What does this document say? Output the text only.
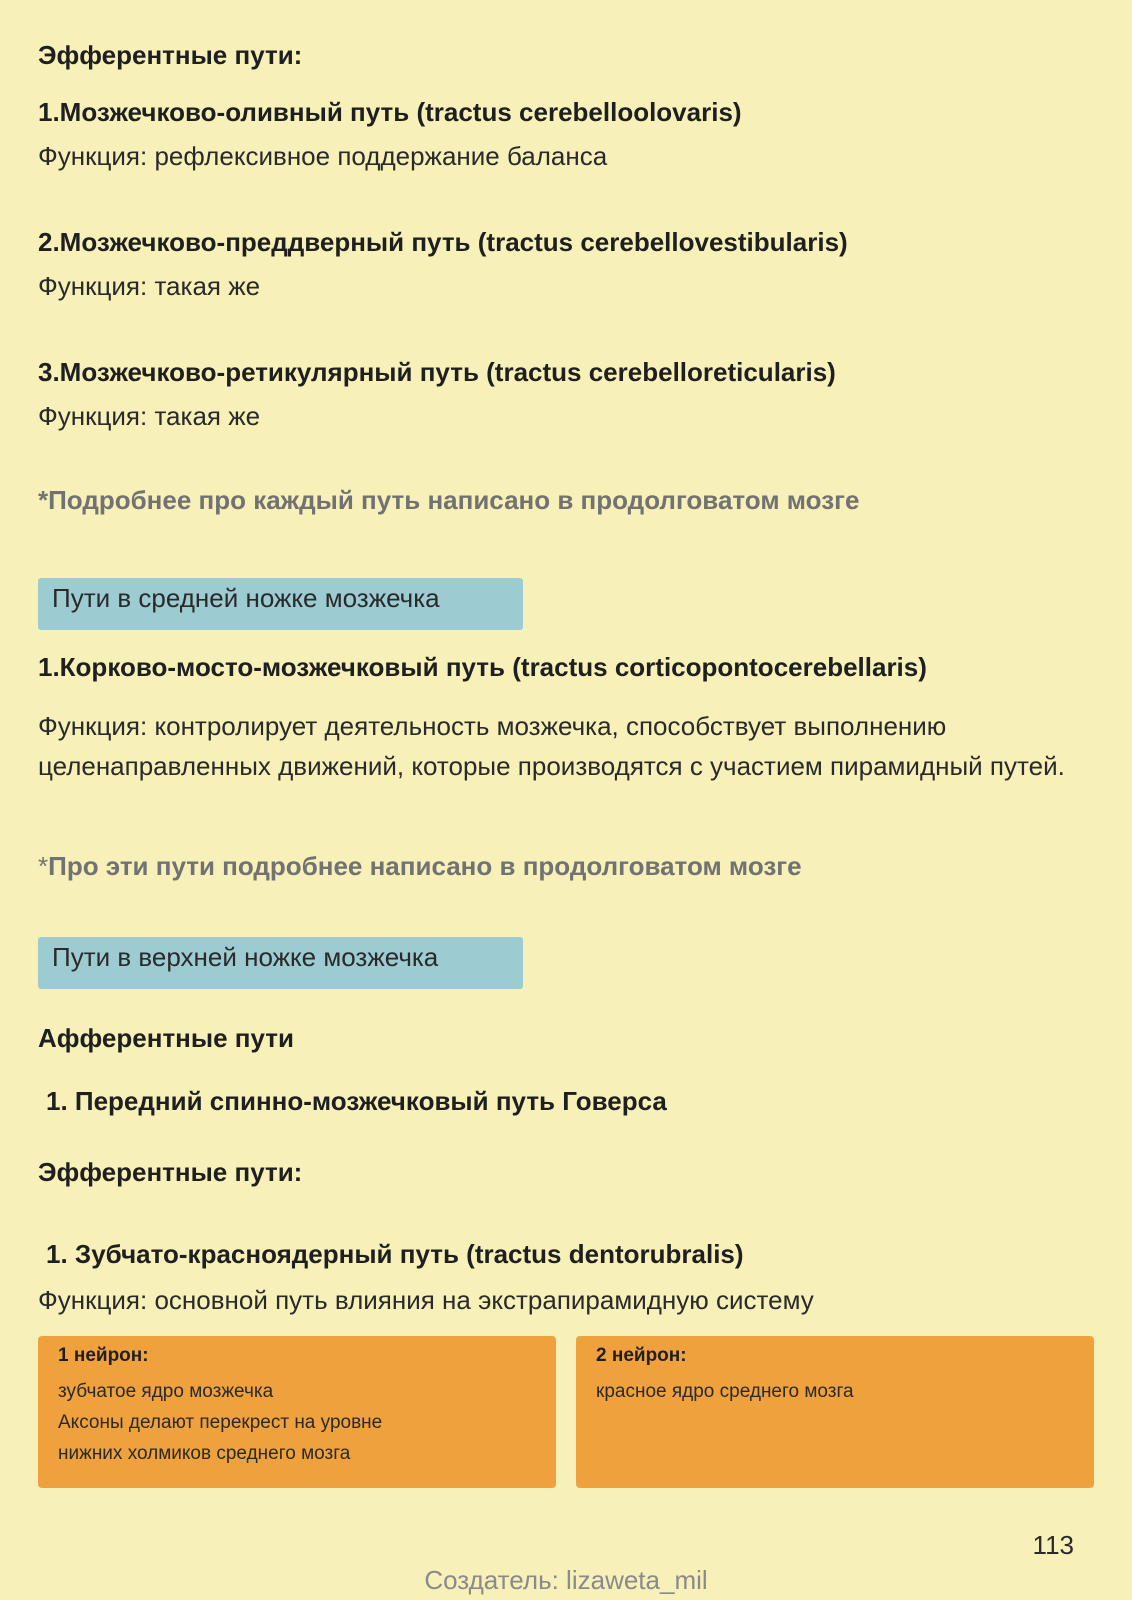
Эфферентные пути:

1.Мозжечково-оливный путь (tractus cerebelloolovaris)

Функция: рефлексивное поддержание баланса

2.Мозжечково-преддверный путь (tractus cerebellovestibularis)

Функция: такая же

3.Мозжечково-ретикулярный путь (tractus cerebelloreticularis)

Функция: такая же

*Подробнее про каждый путь написано в продолговатом мозге

Пути в средней ножке мозжечка

1.Корково-мосто-мозжечковый путь (tractus corticopontocerebellaris)

Функция: контролирует деятельность мозжечка, способствует выполнению целенаправленных движений, которые производятся с участием пирамидный путей.

*Про эти пути подробнее написано в продолговатом мозге

Пути в верхней ножке мозжечка

Афферентные пути

1. Передний спинно-мозжечковый путь Говерса

Эфферентные пути:

1. Зубчато-красноядерный путь (tractus dentorubralis)

Функция: основной путь влияния на экстрапирамидную систему

1 нейрон:
зубчатое ядро мозжечка
Аксоны делают перекрест на уровне
нижних холмиков среднего мозга
2 нейрон:
красное ядро среднего мозга
113
Создатель: lizaweta_mil
